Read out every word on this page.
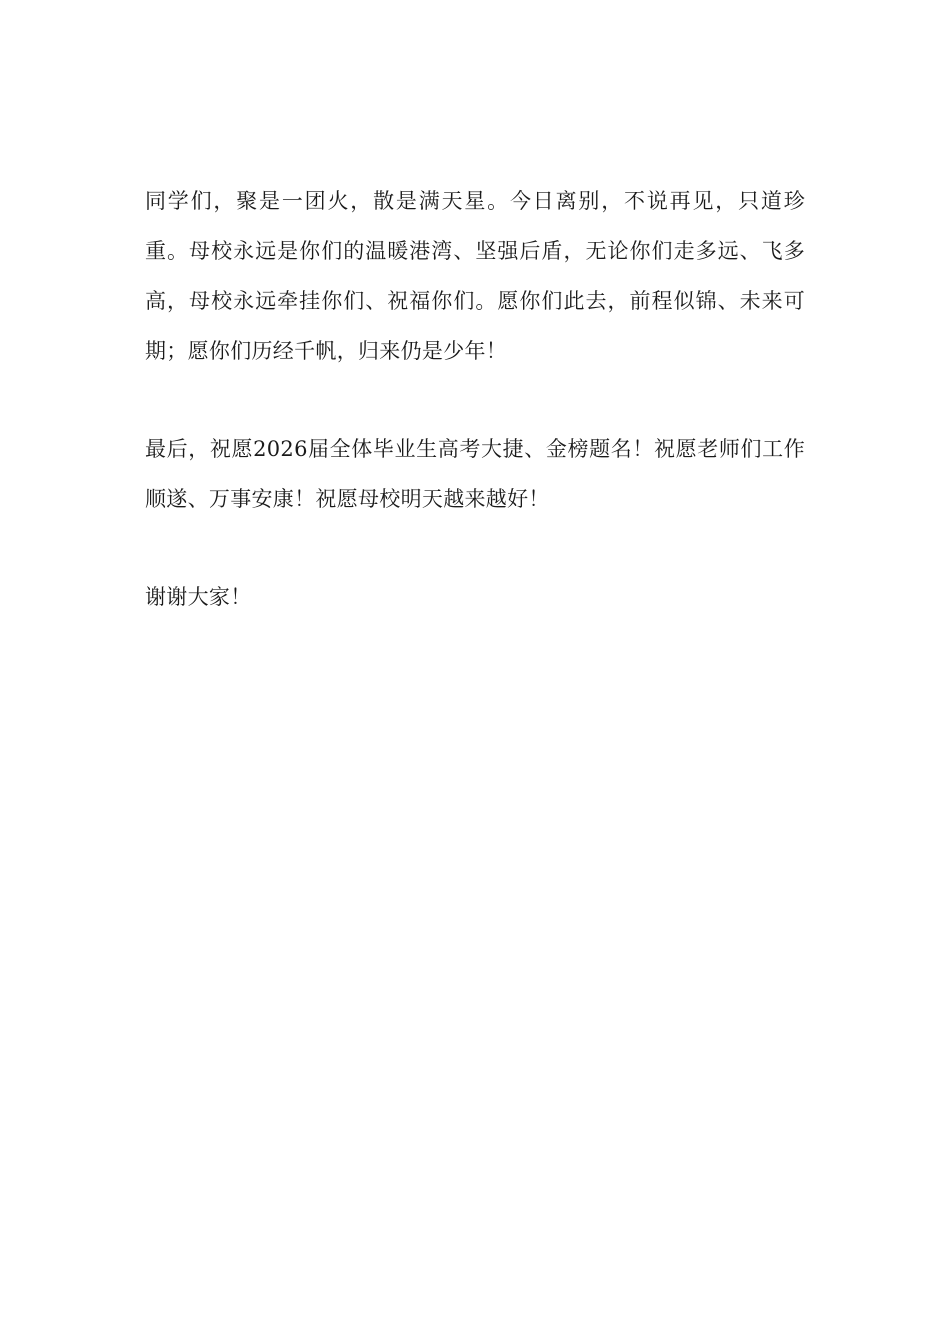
同学们，聚是一团火，散是满天星。今日离别，不说再见，只道珍重。母校永远是你们的温暖港湾、坚强后盾，无论你们走多远、飞多高，母校永远牵挂你们、祝福你们。愿你们此去，前程似锦、未来可期；愿你们历经千帆，归来仍是少年！

最后，祝愿2026届全体毕业生高考大捷、金榜题名！祝愿老师们工作顺遂、万事安康！祝愿母校明天越来越好！

谢谢大家！
